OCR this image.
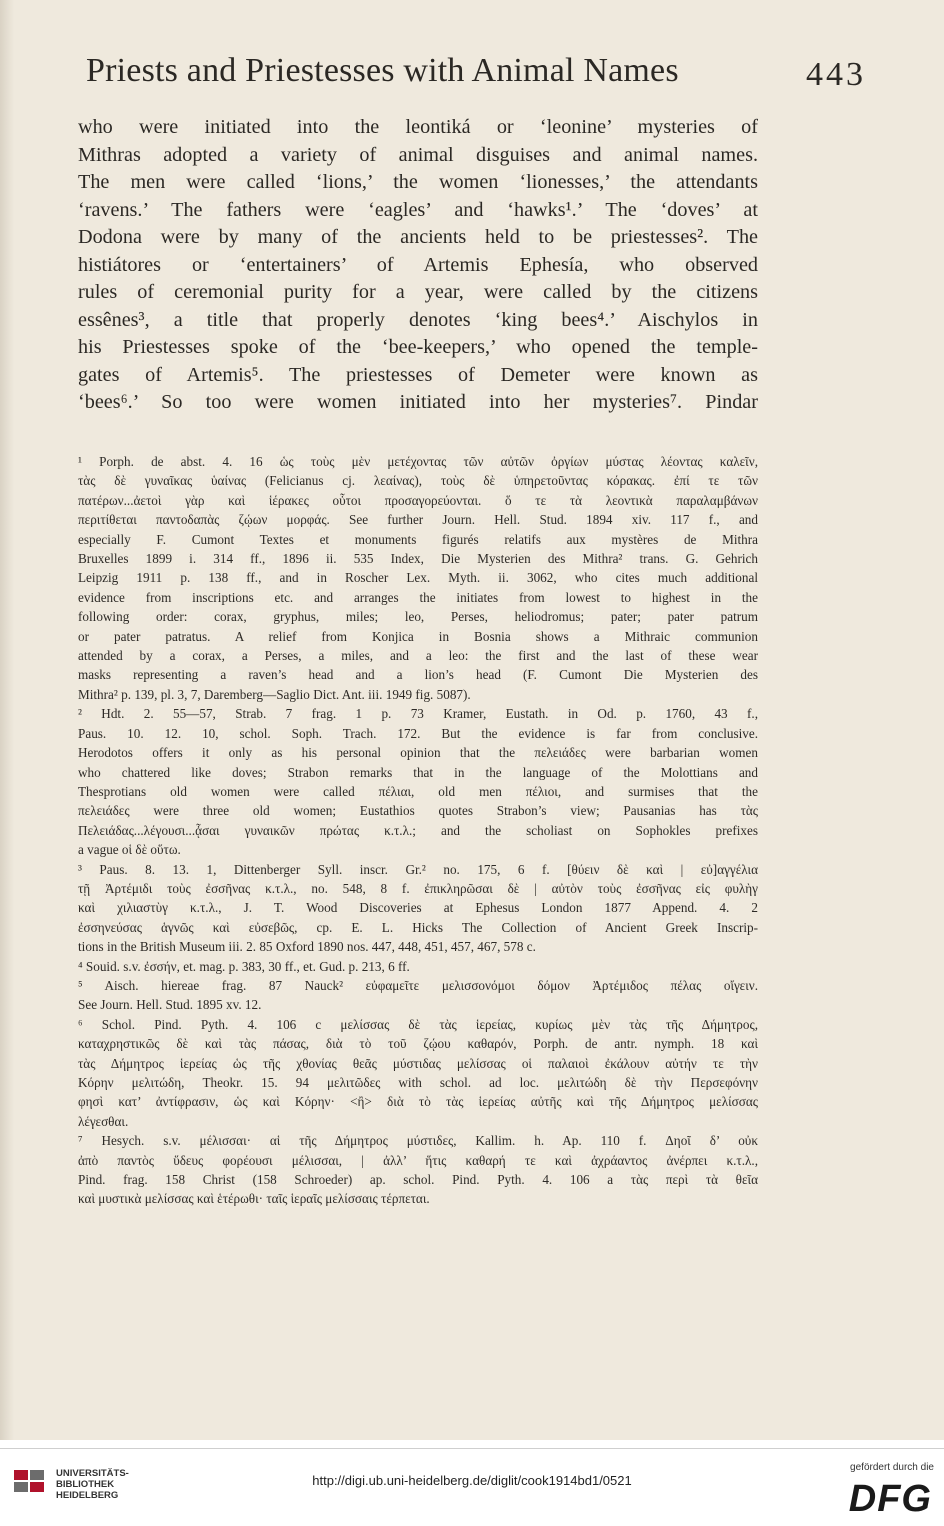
Priests and Priestesses with Animal Names	443
who were initiated into the leontiká or ‘leonine’ mysteries of
Mithras adopted a variety of animal disguises and animal names.
The men were called ‘lions,’ the women ‘lionesses,’ the attendants
‘ravens.’ The fathers were ‘eagles’ and ‘hawks¹.’ The ‘doves’ at
Dodona were by many of the ancients held to be priestesses². The
histiátores or ‘entertainers’ of Artemis Ephesía, who observed
rules of ceremonial purity for a year, were called by the citizens
essênes³, a title that properly denotes ‘king bees⁴.’ Aischylos in
his Priestesses spoke of the ‘bee-keepers,’ who opened the temple-
gates of Artemis⁵. The priestesses of Demeter were known as
‘bees⁶.’ So too were women initiated into her mysteries⁷. Pindar
¹ Porph. de abst. 4. 16 ὡς τοὺς μὲν μετέχοντας τῶν αὐτῶν ὀργίων μύστας λέοντας καλεῖν,
τὰς δὲ γυναῖκας ὑαίνας (Felicianus cj. λεαίνας), τοὺς δὲ ὑπηρετοῦντας κόρακας. ἐπί τε τῶν
πατέρων...ἀετοὶ γὰρ καὶ ἱέρακες οὗτοι προσαγορεύονται. ὅ τε τὰ λεοντικὰ παραλαμβάνων
περιτίθεται παντοδαπὰς ζῴων μορφάς. See further Journ. Hell. Stud. 1894 xiv. 117 f., and
especially F. Cumont Textes et monuments figurés relatifs aux mystères de Mithra
Bruxelles 1899 i. 314 ff., 1896 ii. 535 Index, Die Mysterien des Mithra² trans. G. Gehrich
Leipzig 1911 p. 138 ff., and in Roscher Lex. Myth. ii. 3062, who cites much additional
evidence from inscriptions etc. and arranges the initiates from lowest to highest in the
following order: corax, gryphus, miles; leo, Perses, heliodromus; pater; pater patrum
or pater patratus. A relief from Konjica in Bosnia shows a Mithraic communion
attended by a corax, a Perses, a miles, and a leo: the first and the last of these wear
masks representing a raven’s head and a lion’s head (F. Cumont Die Mysterien des
Mithra² p. 139, pl. 3, 7, Daremberg—Saglio Dict. Ant. iii. 1949 fig. 5087).
² Hdt. 2. 55—57, Strab. 7 frag. 1 p. 73 Kramer, Eustath. in Od. p. 1760, 43 f.,
Paus. 10. 12. 10, schol. Soph. Trach. 172. But the evidence is far from conclusive.
Herodotos offers it only as his personal opinion that the πελειάδες were barbarian women
who chattered like doves; Strabon remarks that in the language of the Molottians and
Thesprotians old women were called πέλιαι, old men πέλιοι, and surmises that the
πελειάδες were three old women; Eustathios quotes Strabon’s view; Pausanias has τὰς
Πελειάδας...λέγουσι...ᾆσαι γυναικῶν πρώτας κ.τ.λ.; and the scholiast on Sophokles prefixes
a vague οἱ δὲ οὕτω.
³ Paus. 8. 13. 1, Dittenberger Syll. inscr. Gr.² no. 175, 6 f. [θύειν δὲ καὶ | εὐ]αγγέλια
τῇ Ἀρτέμιδι τοὺς ἐσσῆνας κ.τ.λ., no. 548, 8 f. ἐπικληρῶσαι δὲ | αὐτὸν τοὺς ἐσσῆνας εἰς φυλὴγ
καὶ χιλιαστὺγ κ.τ.λ., J. T. Wood Discoveries at Ephesus London 1877 Append. 4. 2
ἐσσηνεύσας ἁγνῶς καὶ εὐσεβῶς, cp. E. L. Hicks The Collection of Ancient Greek Inscrip-
tions in the British Museum iii. 2. 85 Oxford 1890 nos. 447, 448, 451, 457, 467, 578 c.
⁴ Souid. s.v. ἐσσήν, et. mag. p. 383, 30 ff., et. Gud. p. 213, 6 ff.
⁵ Aisch. hiereae frag. 87 Nauck² εὐφαμεῖτε μελισσονόμοι δόμον Ἀρτέμιδος πέλας οἴγειν.
See Journ. Hell. Stud. 1895 xv. 12.
⁶ Schol. Pind. Pyth. 4. 106 c μελίσσας δὲ τὰς ἱερείας, κυρίως μὲν τὰς τῆς Δήμητρος,
καταχρηστικῶς δὲ καὶ τὰς πάσας, διὰ τὸ τοῦ ζῴου καθαρόν, Porph. de antr. nymph. 18 καὶ
τὰς Δήμητρος ἱερείας ὡς τῆς χθονίας θεᾶς μύστιδας μελίσσας οἱ παλαιοὶ ἐκάλουν αὐτήν τε τὴν
Κόρην μελιτώδη, Theokr. 15. 94 μελιτῶδες with schol. ad loc. μελιτώδη δὲ τὴν Περσεφόνην
φησὶ κατ’ ἀντίφρασιν, ὡς καὶ Κόρην· <ἢ> διὰ τὸ τὰς ἱερείας αὐτῆς καὶ τῆς Δήμητρος μελίσσας
λέγεσθαι.
⁷ Hesych. s.v. μέλισσαι· αἱ τῆς Δήμητρος μύστιδες, Kallim. h. Ap. 110 f. Δηοῖ δ’ οὐκ
ἀπὸ παντὸς ὕδευς φορέουσι μέλισσαι, | ἀλλ’ ἥτις καθαρή τε καὶ ἀχράαντος ἀνέρπει κ.τ.λ.,
Pind. frag. 158 Christ (158 Schroeder) ap. schol. Pind. Pyth. 4. 106 a τὰς περὶ τὰ θεῖα
καὶ μυστικὰ μελίσσας καὶ ἑτέρωθι· ταῖς ἱεραῖς μελίσσαις τέρπεται.
UNIVERSITÄTS-
BIBLIOTHEK
HEIDELBERG
http://digi.ub.uni-heidelberg.de/diglit/cook1914bd1/0521
gefördert durch die
DFG
